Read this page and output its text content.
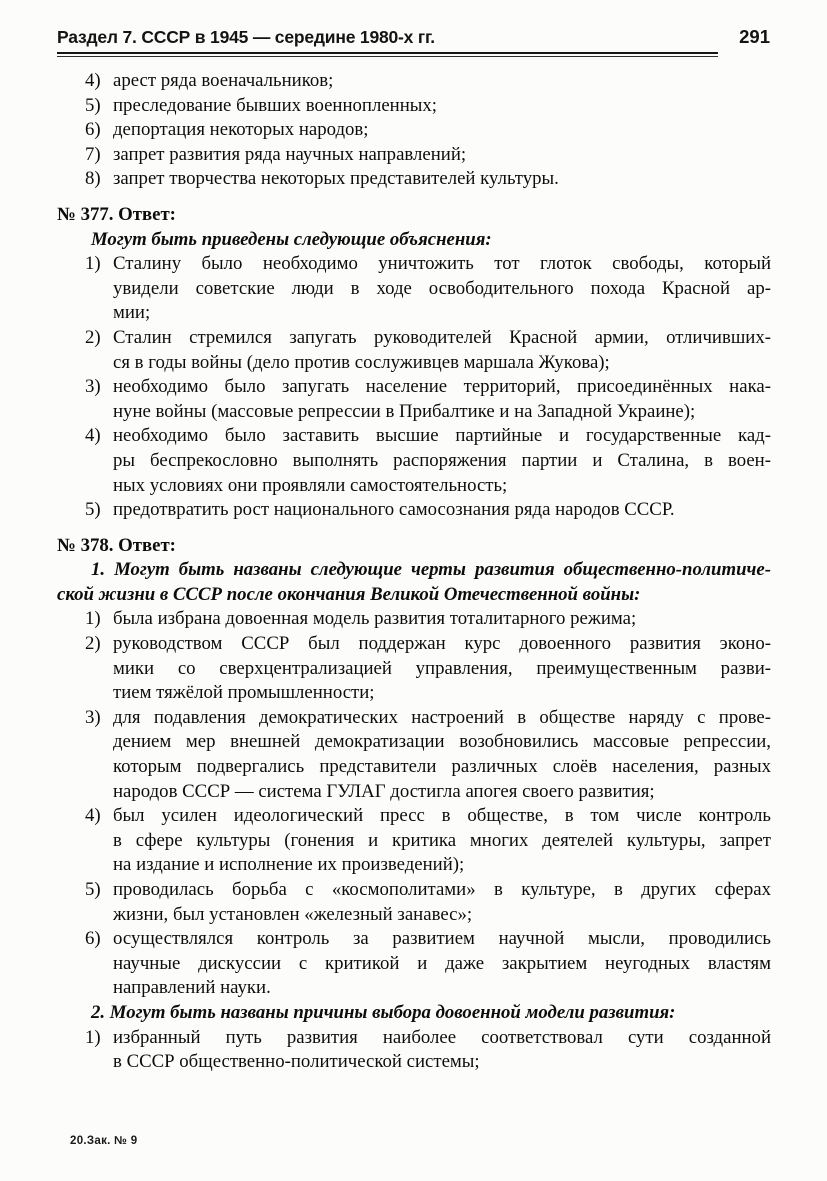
Раздел 7. СССР в 1945 — середине 1980-х гг.	291
4) арест ряда военачальников;
5) преследование бывших военнопленных;
6) депортация некоторых народов;
7) запрет развития ряда научных направлений;
8) запрет творчества некоторых представителей культуры.
№ 377. Ответ:
Могут быть приведены следующие объяснения:
1) Сталину было необходимо уничтожить тот глоток свободы, который
увидели советские люди в ходе освободительного похода Красной ар-
мии;
2) Сталин стремился запугать руководителей Красной армии, отличивших-
ся в годы войны (дело против сослуживцев маршала Жукова);
3) необходимо было запугать население территорий, присоединённых нака-
нуне войны (массовые репрессии в Прибалтике и на Западной Украине);
4) необходимо было заставить высшие партийные и государственные кад-
ры беспрекословно выполнять распоряжения партии и Сталина, в воен-
ных условиях они проявляли самостоятельность;
5) предотвратить рост национального самосознания ряда народов СССР.
№ 378. Ответ:
1. Могут быть названы следующие черты развития общественно-политиче-
ской жизни в СССР после окончания Великой Отечественной войны:
1) была избрана довоенная модель развития тоталитарного режима;
2) руководством СССР был поддержан курс довоенного развития эконо-
мики со сверхцентрализацией управления, преимущественным разви-
тием тяжёлой промышленности;
3) для подавления демократических настроений в обществе наряду с прове-
дением мер внешней демократизации возобновились массовые репрессии,
которым подвергались представители различных слоёв населения, разных
народов СССР — система ГУЛАГ достигла апогея своего развития;
4) был усилен идеологический пресс в обществе, в том числе контроль
в сфере культуры (гонения и критика многих деятелей культуры, запрет
на издание и исполнение их произведений);
5) проводилась борьба с «космополитами» в культуре, в других сферах
жизни, был установлен «железный занавес»;
6) осуществлялся контроль за развитием научной мысли, проводились
научные дискуссии с критикой и даже закрытием неугодных властям
направлений науки.
2. Могут быть названы причины выбора довоенной модели развития:
1) избранный путь развития наиболее соответствовал сути созданной
в СССР общественно-политической системы;
20.Зак. № 9
